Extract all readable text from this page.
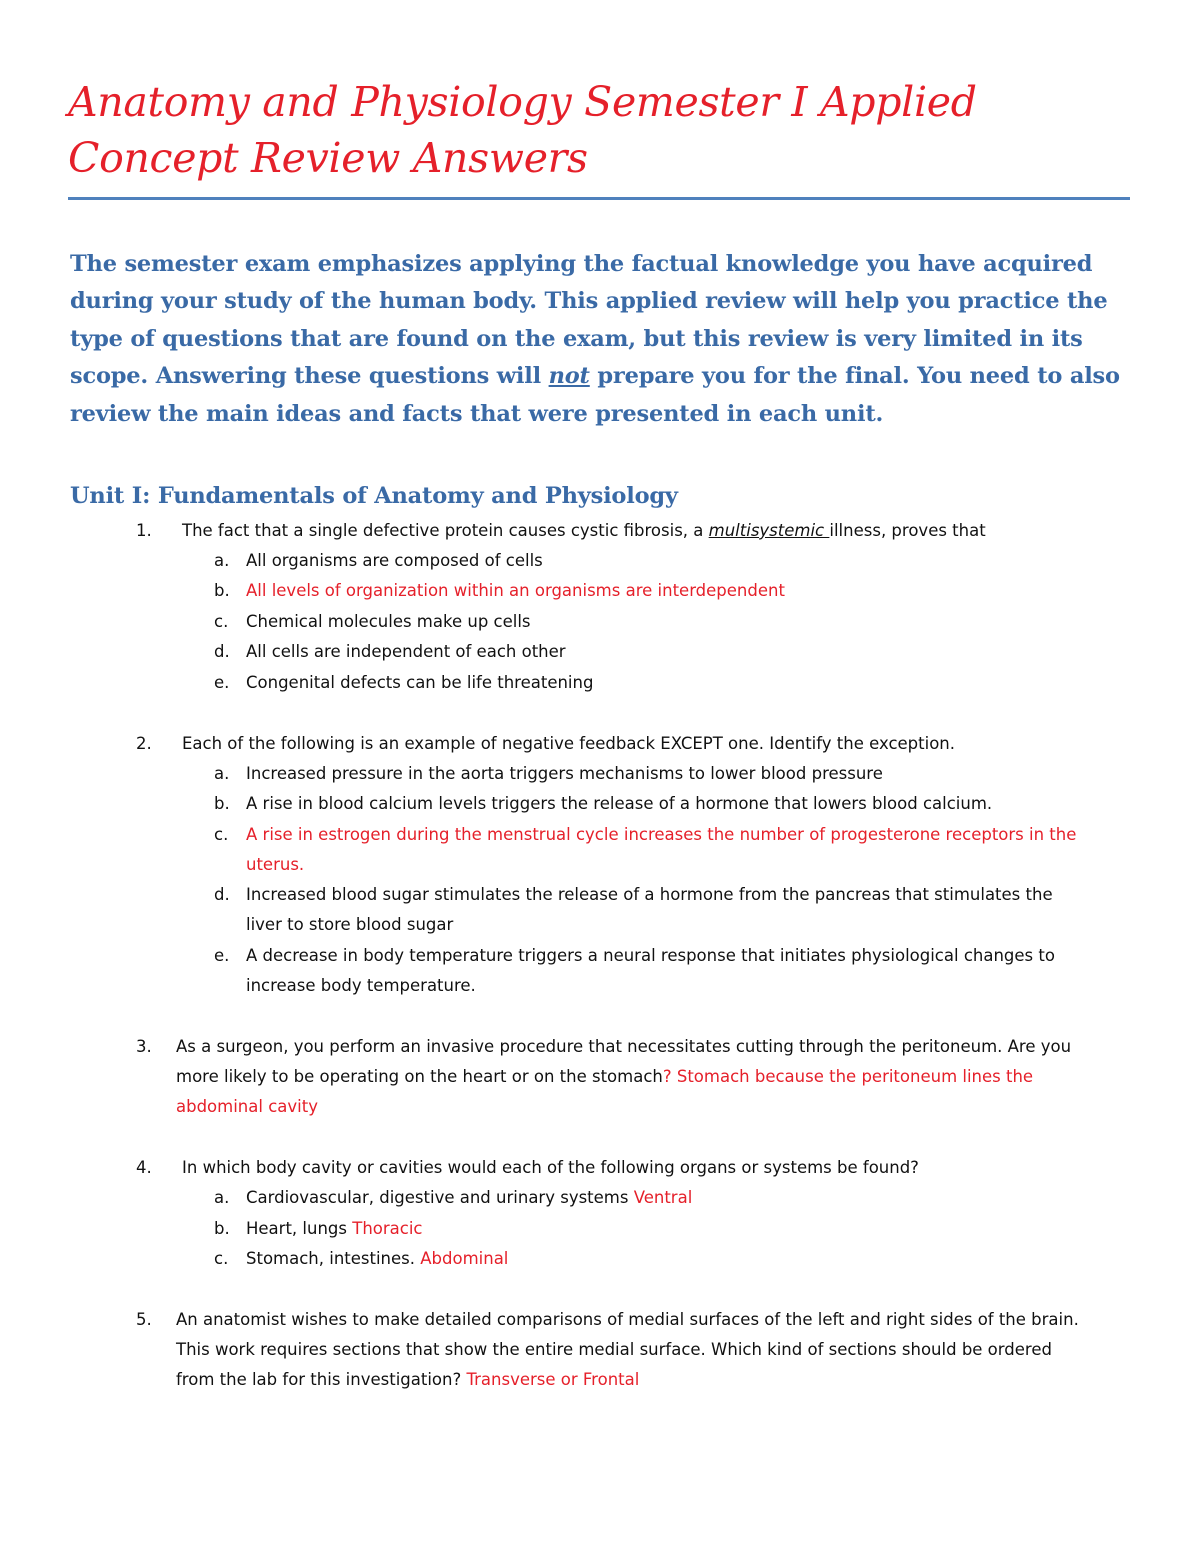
Anatomy and Physiology Semester I Applied Concept Review Answers

The semester exam emphasizes applying the factual knowledge you have acquired during your study of the human body. This applied review will help you practice the type of questions that are found on the exam, but this review is very limited in its scope. Answering these questions will not prepare you for the final. You need to also review the main ideas and facts that were presented in each unit.

Unit I: Fundamentals of Anatomy and Physiology
1. The fact that a single defective protein causes cystic fibrosis, a multisystemic illness, proves that

a. All organisms are composed of cells

b. All levels of organization within an organisms are interdependent

c. Chemical molecules make up cells

d. All cells are independent of each other

e. Congenital defects can be life threatening

2. Each of the following is an example of negative feedback EXCEPT one. Identify the exception.

a. Increased pressure in the aorta triggers mechanisms to lower blood pressure

b. A rise in blood calcium levels triggers the release of a hormone that lowers blood calcium.

c. A rise in estrogen during the menstrual cycle increases the number of progesterone receptors in the

uterus.

d. Increased blood sugar stimulates the release of a hormone from the pancreas that stimulates the

liver to store blood sugar

e. A decrease in body temperature triggers a neural response that initiates physiological changes to

increase body temperature.

3. As a surgeon, you perform an invasive procedure that necessitates cutting through the peritoneum. Are you

more likely to be operating on the heart or on the stomach? Stomach because the peritoneum lines the

abdominal cavity

4. In which body cavity or cavities would each of the following organs or systems be found?

a. Cardiovascular, digestive and urinary systems Ventral

b. Heart, lungs Thoracic

c. Stomach, intestines. Abdominal

5. An anatomist wishes to make detailed comparisons of medial surfaces of the left and right sides of the brain.

This work requires sections that show the entire medial surface. Which kind of sections should be ordered

from the lab for this investigation? Transverse or Frontal
